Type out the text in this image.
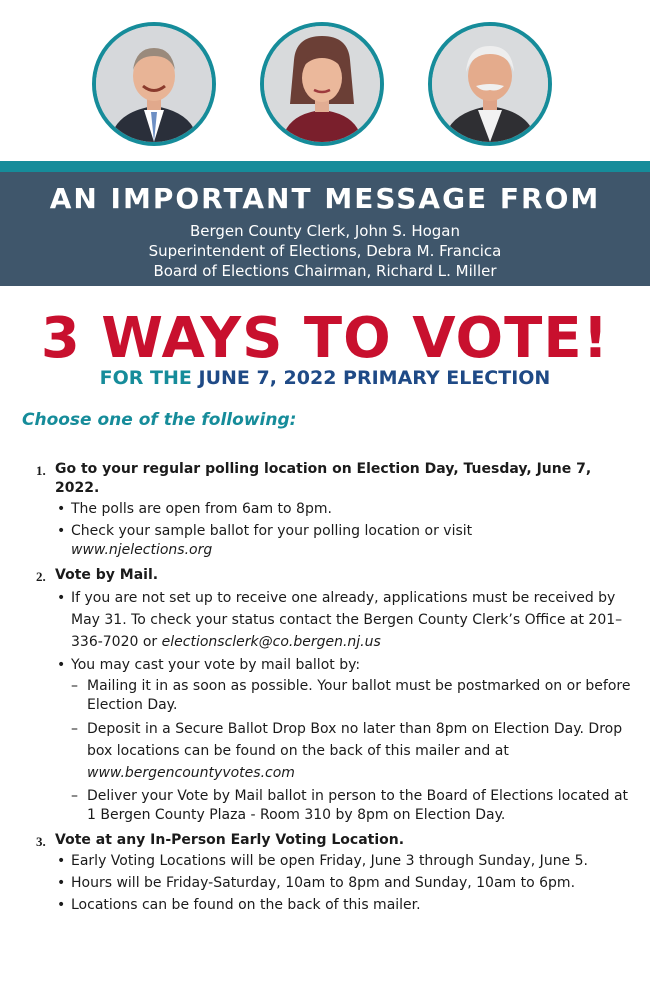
AN IMPORTANT MESSAGE FROM
Bergen County Clerk, John S. Hogan
Superintendent of Elections, Debra M. Francica
Board of Elections Chairman, Richard L. Miller
3 WAYS TO VOTE!
FOR THE JUNE 7, 2022 PRIMARY ELECTION
Choose one of the following:
1. Go to your regular polling location on Election Day, Tuesday, June 7, 2022.
• The polls are open from 6am to 8pm.
• Check your sample ballot for your polling location or visit
www.njelections.org
2. Vote by Mail.
• If you are not set up to receive one already, applications must be received by May 31. To check your status contact the Bergen County Clerk’s Office at 201–336-7020 or electionsclerk@co.bergen.nj.us
• You may cast your vote by mail ballot by:
– Mailing it in as soon as possible. Your ballot must be postmarked on or before Election Day.
– Deposit in a Secure Ballot Drop Box no later than 8pm on Election Day. Drop box locations can be found on the back of this mailer and at
www.bergencountyvotes.com
– Deliver your Vote by Mail ballot in person to the Board of Elections located at 1 Bergen County Plaza - Room 310 by 8pm on Election Day.
3. Vote at any In-Person Early Voting Location.
• Early Voting Locations will be open Friday, June 3 through Sunday, June 5.
• Hours will be Friday-Saturday, 10am to 8pm and Sunday, 10am to 6pm.
• Locations can be found on the back of this mailer.
